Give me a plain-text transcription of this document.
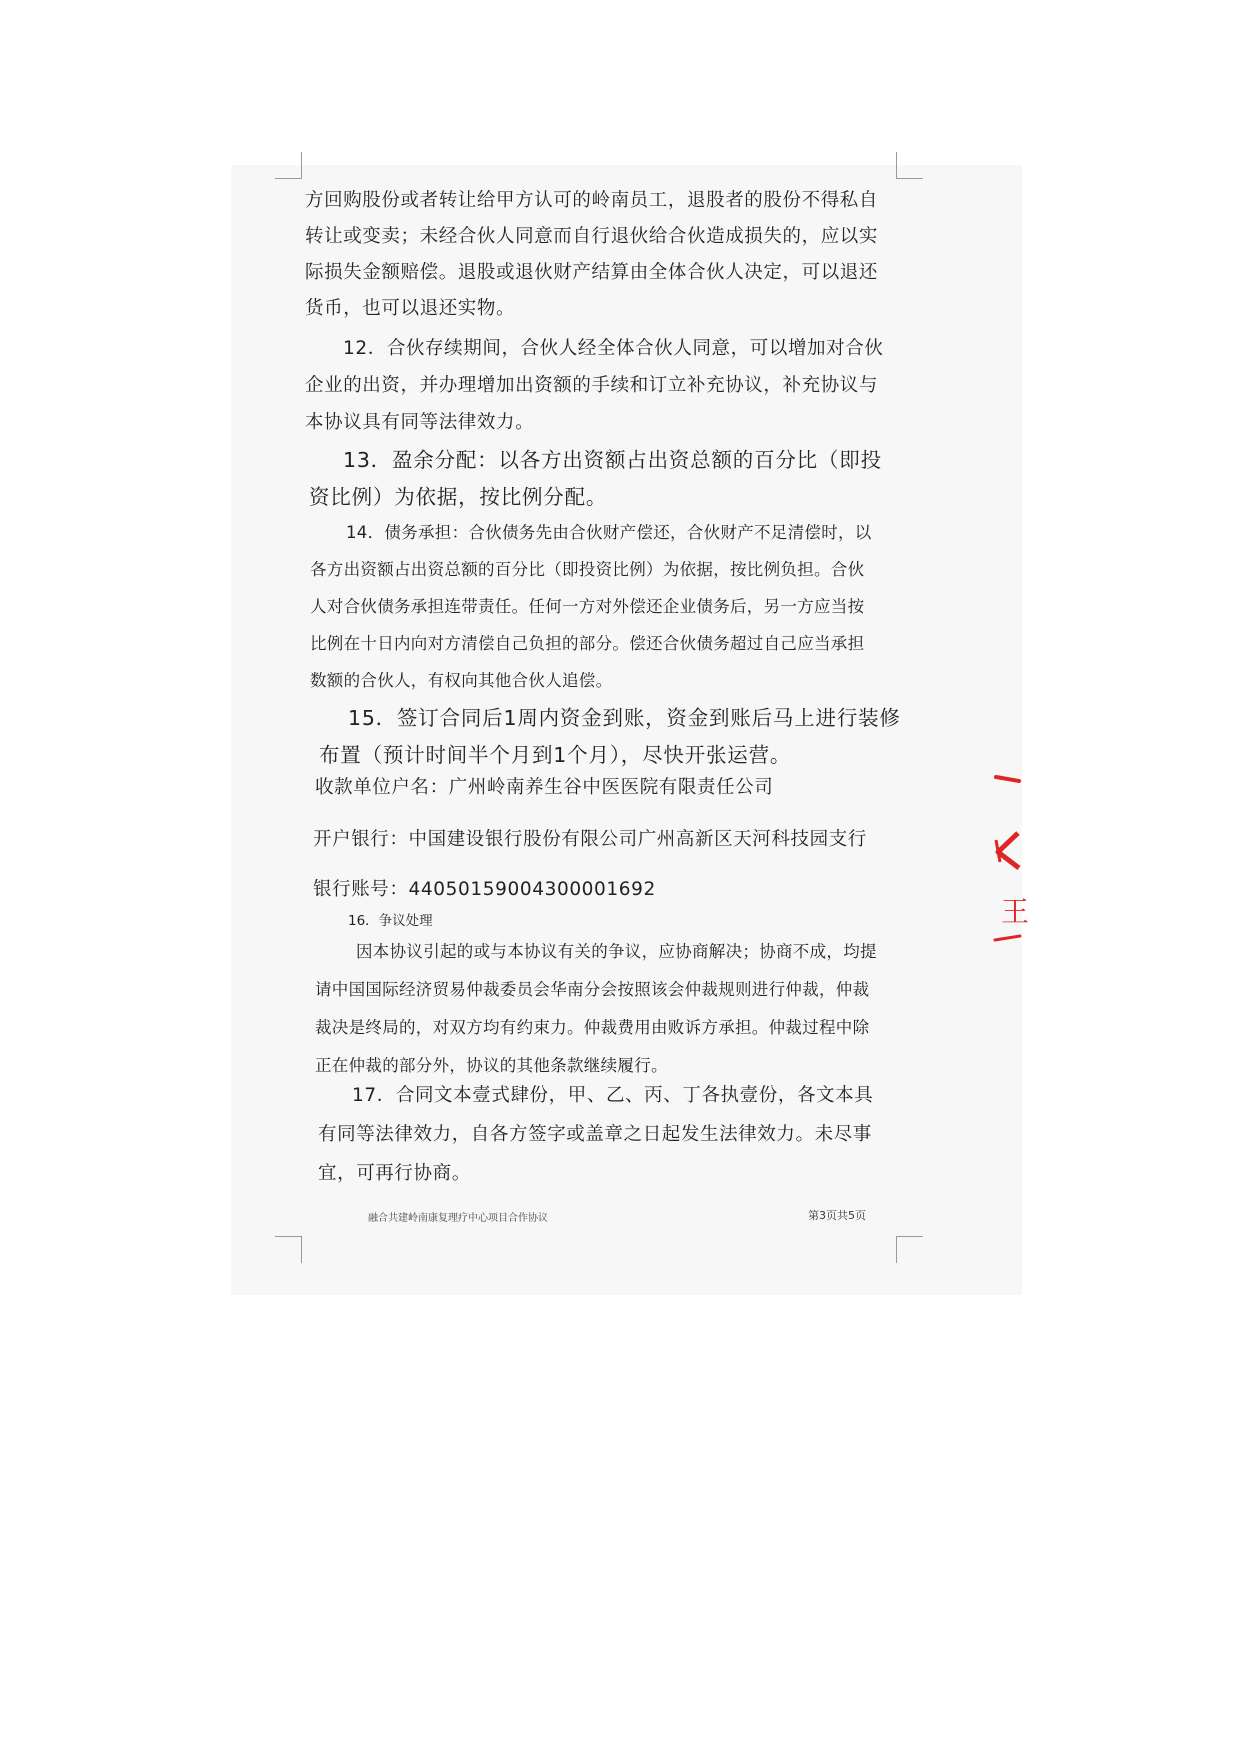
方回购股份或者转让给甲方认可的岭南员工，退股者的股份不得私自

转让或变卖；未经合伙人同意而自行退伙给合伙造成损失的，应以实

际损失金额赔偿。退股或退伙财产结算由全体合伙人决定，可以退还

货币，也可以退还实物。

12．合伙存续期间，合伙人经全体合伙人同意，可以增加对合伙

企业的出资，并办理增加出资额的手续和订立补充协议，补充协议与

本协议具有同等法律效力。

13．盈余分配：以各方出资额占出资总额的百分比（即投

资比例）为依据，按比例分配。

14．债务承担：合伙债务先由合伙财产偿还，合伙财产不足清偿时，以

各方出资额占出资总额的百分比（即投资比例）为依据，按比例负担。合伙

人对合伙债务承担连带责任。任何一方对外偿还企业债务后，另一方应当按

比例在十日内向对方清偿自己负担的部分。偿还合伙债务超过自己应当承担

数额的合伙人，有权向其他合伙人追偿。

15．签订合同后1周内资金到账，资金到账后马上进行装修

布置（预计时间半个月到1个月），尽快开张运营。

收款单位户名：广州岭南养生谷中医医院有限责任公司

开户银行：中国建设银行股份有限公司广州高新区天河科技园支行

银行账号：44050159004300001692

16．争议处理

因本协议引起的或与本协议有关的争议，应协商解决；协商不成，均提

请中国国际经济贸易仲裁委员会华南分会按照该会仲裁规则进行仲裁，仲裁

裁决是终局的，对双方均有约束力。仲裁费用由败诉方承担。仲裁过程中除

正在仲裁的部分外，协议的其他条款继续履行。

17．合同文本壹式肆份，甲、乙、丙、丁各执壹份，各文本具

有同等法律效力，自各方签字或盖章之日起发生法律效力。未尽事

宜，可再行协商。

融合共建岭南康复理疗中心项目合作协议	第3页共5页

王
